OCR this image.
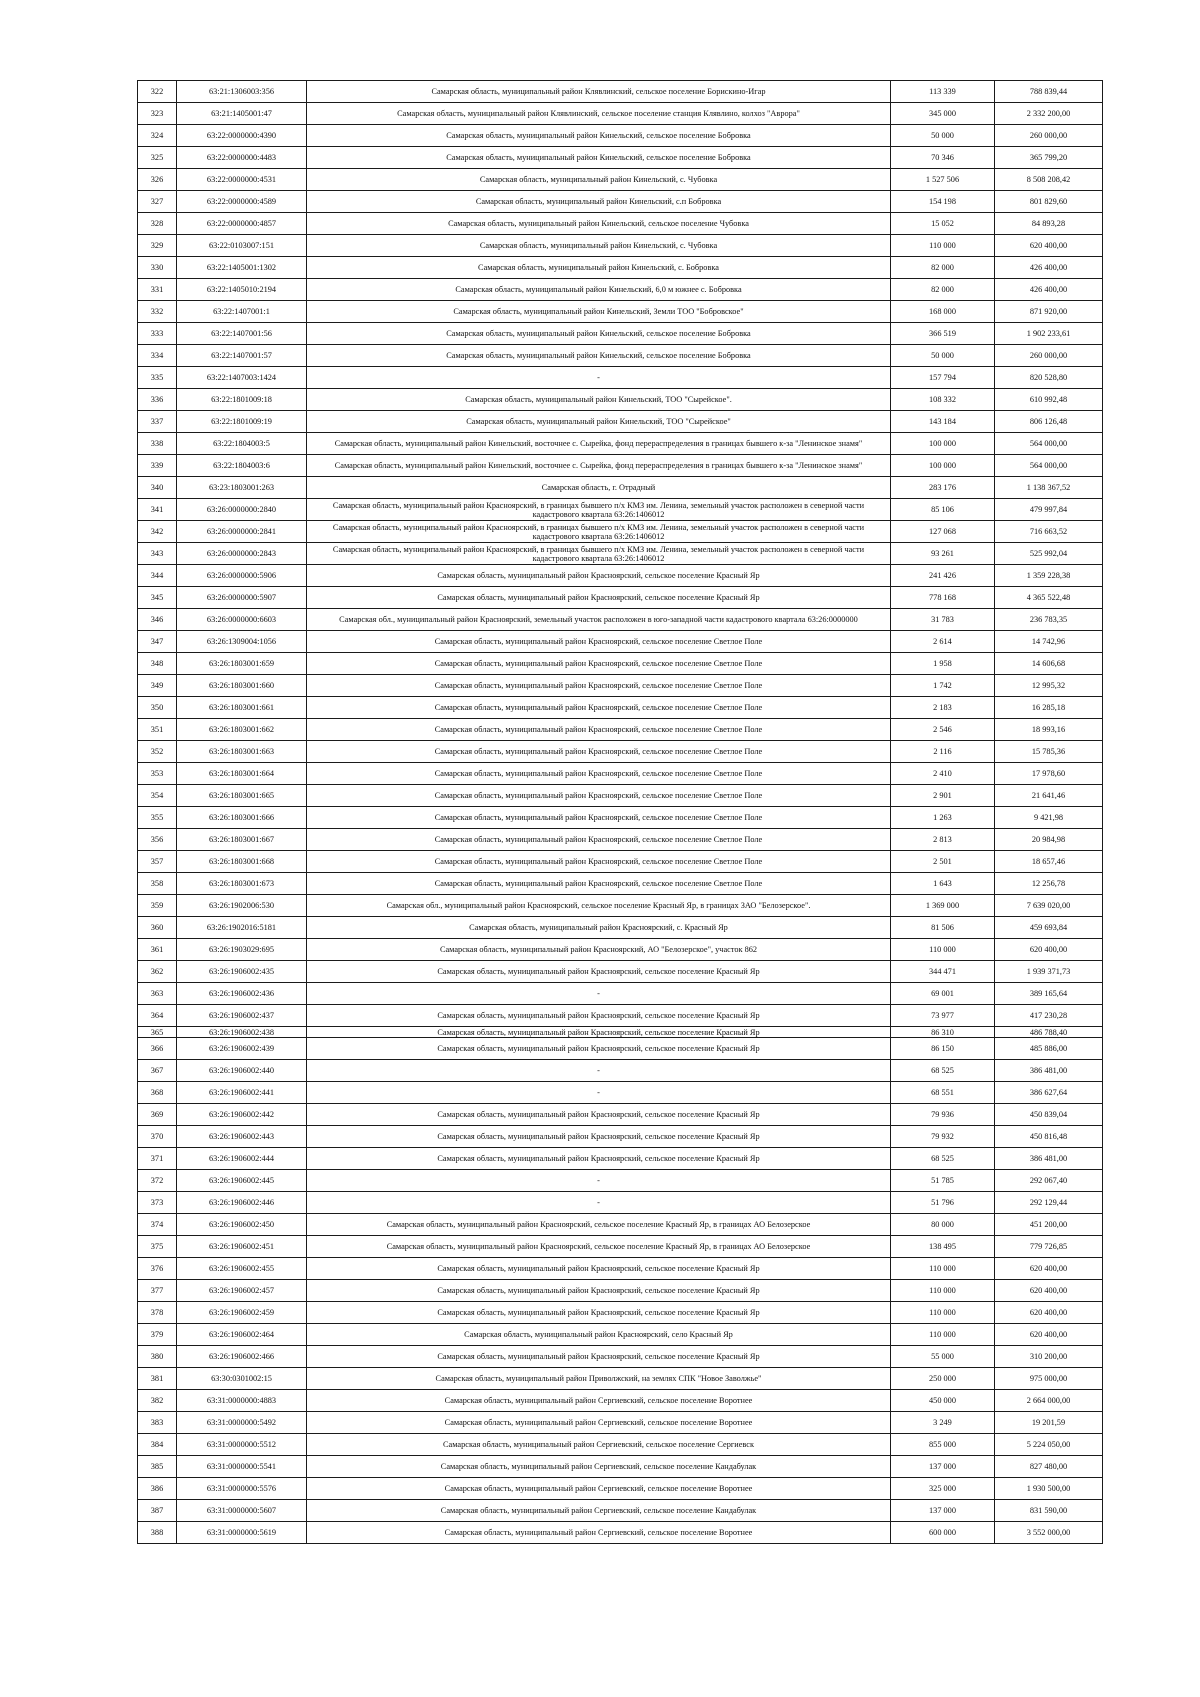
322	63:21:1306003:356	Самарская область, муниципальный район Клявлинский, сельское поселение Борискино-Игар	113 339	788 839,44
323	63:21:1405001:47	Самарская область, муниципальный район Клявлинский, сельское поселение станция Клявлино, колхоз "Аврора"	345 000	2 332 200,00
324	63:22:0000000:4390	Самарская область, муниципальный район Кинельский, сельское поселение Бобровка	50 000	260 000,00
325	63:22:0000000:4483	Самарская область, муниципальный район Кинельский, сельское поселение Бобровка	70 346	365 799,20
326	63:22:0000000:4531	Самарская область, муниципальный район Кинельский, с. Чубовка	1 527 506	8 508 208,42
327	63:22:0000000:4589	Самарская область, муниципальный район Кинельский, с.п Бобровка	154 198	801 829,60
328	63:22:0000000:4857	Самарская область, муниципальный район Кинельский, сельское поселение Чубовка	15 052	84 893,28
329	63:22:0103007:151	Самарская область, муниципальный район Кинельский, с. Чубовка	110 000	620 400,00
330	63:22:1405001:1302	Самарская область, муниципальный район Кинельский, с. Бобровка	82 000	426 400,00
331	63:22:1405010:2194	Самарская область, муниципальный район Кинельский, 6,0 м южнее с. Бобровка	82 000	426 400,00
332	63:22:1407001:1	Самарская область, муниципальный район Кинельский, Земли ТОО "Бобровское"	168 000	871 920,00
333	63:22:1407001:56	Самарская область, муниципальный район Кинельский, сельское поселение Бобровка	366 519	1 902 233,61
334	63:22:1407001:57	Самарская область, муниципальный район Кинельский, сельское поселение Бобровка	50 000	260 000,00
335	63:22:1407003:1424	-	157 794	820 528,80
336	63:22:1801009:18	Самарская область, муниципальный район Кинельский, ТОО "Сырейское".	108 332	610 992,48
337	63:22:1801009:19	Самарская область, муниципальный район Кинельский, ТОО "Сырейское"	143 184	806 126,48
338	63:22:1804003:5	Самарская область, муниципальный район Кинельский, восточнее с. Сырейка, фонд перераспределения в границах бывшего к-за "Ленинское знамя"	100 000	564 000,00
339	63:22:1804003:6	Самарская область, муниципальный район Кинельский, восточнее с. Сырейка, фонд перераспределения в границах бывшего к-за "Ленинское знамя"	100 000	564 000,00
340	63:23:1803001:263	Самарская область, г. Отрадный	283 176	1 138 367,52
341	63:26:0000000:2840	Самарская область, муниципальный район Красноярский, в границах бывшего п/х КМЗ им. Ленина, земельный участок расположен в северной части кадастрового квартала 63:26:1406012	85 106	479 997,84
342	63:26:0000000:2841	Самарская область, муниципальный район Красноярский, в границах бывшего п/х КМЗ им. Ленина, земельный участок расположен в северной части кадастрового квартала 63:26:1406012	127 068	716 663,52
343	63:26:0000000:2843	Самарская область, муниципальный район Красноярский, в границах бывшего п/х КМЗ им. Ленина, земельный участок расположен в северной части кадастрового квартала 63:26:1406012	93 261	525 992,04
344	63:26:0000000:5906	Самарская область, муниципальный район Красноярский, сельское поселение Красный Яр	241 426	1 359 228,38
345	63:26:0000000:5907	Самарская область, муниципальный район Красноярский, сельское поселение Красный Яр	778 168	4 365 522,48
346	63:26:0000000:6603	Самарская обл., муниципальный район Красноярский, земельный участок расположен в юго-западной части кадастрового квартала 63:26:0000000	31 783	236 783,35
347	63:26:1309004:1056	Самарская область, муниципальный район Красноярский, сельское поселение Светлое Поле	2 614	14 742,96
348	63:26:1803001:659	Самарская область, муниципальный район Красноярский, сельское поселение Светлое Поле	1 958	14 606,68
349	63:26:1803001:660	Самарская область, муниципальный район Красноярский, сельское поселение Светлое Поле	1 742	12 995,32
350	63:26:1803001:661	Самарская область, муниципальный район Красноярский, сельское поселение Светлое Поле	2 183	16 285,18
351	63:26:1803001:662	Самарская область, муниципальный район Красноярский, сельское поселение Светлое Поле	2 546	18 993,16
352	63:26:1803001:663	Самарская область, муниципальный район Красноярский, сельское поселение Светлое Поле	2 116	15 785,36
353	63:26:1803001:664	Самарская область, муниципальный район Красноярский, сельское поселение Светлое Поле	2 410	17 978,60
354	63:26:1803001:665	Самарская область, муниципальный район Красноярский, сельское поселение Светлое Поле	2 901	21 641,46
355	63:26:1803001:666	Самарская область, муниципальный район Красноярский, сельское поселение Светлое Поле	1 263	9 421,98
356	63:26:1803001:667	Самарская область, муниципальный район Красноярский, сельское поселение Светлое Поле	2 813	20 984,98
357	63:26:1803001:668	Самарская область, муниципальный район Красноярский, сельское поселение Светлое Поле	2 501	18 657,46
358	63:26:1803001:673	Самарская область, муниципальный район Красноярский, сельское поселение Светлое Поле	1 643	12 256,78
359	63:26:1902006:530	Самарская обл., муниципальный район Красноярский, сельское поселение Красный Яр, в границах ЗАО "Белозерское".	1 369 000	7 639 020,00
360	63:26:1902016:5181	Самарская область, муниципальный район Красноярский, с. Красный Яр	81 506	459 693,84
361	63:26:1903029:695	Самарская область, муниципальный район Красноярский, АО "Белозерское", участок 862	110 000	620 400,00
362	63:26:1906002:435	Самарская область, муниципальный район Красноярский, сельское поселение Красный Яр	344 471	1 939 371,73
363	63:26:1906002:436	-	69 001	389 165,64
364	63:26:1906002:437	Самарская область, муниципальный район Красноярский, сельское поселение Красный Яр	73 977	417 230,28
365	63:26:1906002:438	Самарская область, муниципальный район Красноярский, сельское поселение Красный Яр	86 310	486 788,40
366	63:26:1906002:439	Самарская область, муниципальный район Красноярский, сельское поселение Красный Яр	86 150	485 886,00
367	63:26:1906002:440	-	68 525	386 481,00
368	63:26:1906002:441	-	68 551	386 627,64
369	63:26:1906002:442	Самарская область, муниципальный район Красноярский, сельское поселение Красный Яр	79 936	450 839,04
370	63:26:1906002:443	Самарская область, муниципальный район Красноярский, сельское поселение Красный Яр	79 932	450 816,48
371	63:26:1906002:444	Самарская область, муниципальный район Красноярский, сельское поселение Красный Яр	68 525	386 481,00
372	63:26:1906002:445	-	51 785	292 067,40
373	63:26:1906002:446	-	51 796	292 129,44
374	63:26:1906002:450	Самарская область, муниципальный район Красноярский, сельское поселение Красный Яр, в границах АО Белозерское	80 000	451 200,00
375	63:26:1906002:451	Самарская область, муниципальный район Красноярский, сельское поселение Красный Яр, в границах АО Белозерское	138 495	779 726,85
376	63:26:1906002:455	Самарская область, муниципальный район Красноярский, сельское поселение Красный Яр	110 000	620 400,00
377	63:26:1906002:457	Самарская область, муниципальный район Красноярский, сельское поселение Красный Яр	110 000	620 400,00
378	63:26:1906002:459	Самарская область, муниципальный район Красноярский, сельское поселение Красный Яр	110 000	620 400,00
379	63:26:1906002:464	Самарская область, муниципальный район Красноярский, село Красный Яр	110 000	620 400,00
380	63:26:1906002:466	Самарская область, муниципальный район Красноярский, сельское поселение Красный Яр	55 000	310 200,00
381	63:30:0301002:15	Самарская область, муниципальный район Приволжский, на землях СПК "Новое Заволжье"	250 000	975 000,00
382	63:31:0000000:4883	Самарская область, муниципальный район Сергиевский, сельское поселение Воротнее	450 000	2 664 000,00
383	63:31:0000000:5492	Самарская область, муниципальный район Сергиевский, сельское поселение Воротнее	3 249	19 201,59
384	63:31:0000000:5512	Самарская область, муниципальный район Сергиевский, сельское поселение Сергиевск	855 000	5 224 050,00
385	63:31:0000000:5541	Самарская область, муниципальный район Сергиевский, сельское поселение Кандабулак	137 000	827 480,00
386	63:31:0000000:5576	Самарская область, муниципальный район Сергиевский, сельское поселение Воротнее	325 000	1 930 500,00
387	63:31:0000000:5607	Самарская область, муниципальный район Сергиевский, сельское поселение Кандабулак	137 000	831 590,00
388	63:31:0000000:5619	Самарская область, муниципальный район Сергиевский, сельское поселение Воротнее	600 000	3 552 000,00
